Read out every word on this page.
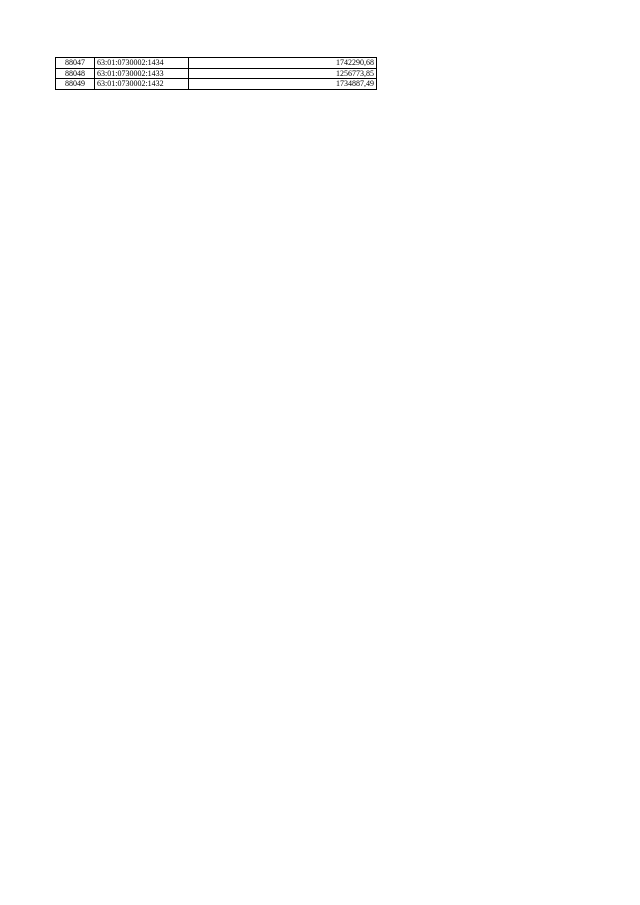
88047	63:01:0730002:1434	1742290,68
88048	63:01:0730002:1433	1256773,85
88049	63:01:0730002:1432	1734887,49
